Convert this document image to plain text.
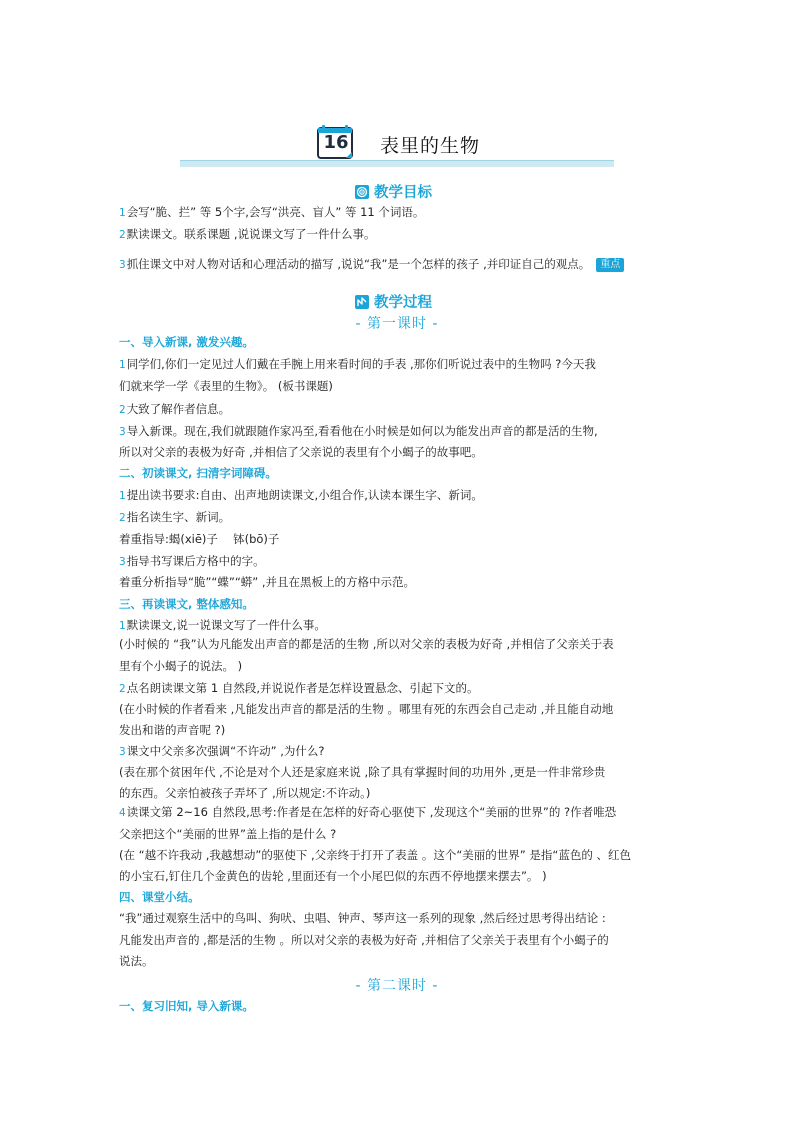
16	表里的生物
教学目标
1会写“脆、拦” 等 5个字,会写“洪亮、盲人” 等 11 个词语。
2默读课文。联系课题 ,说说课文写了一件什么事。
3抓住课文中对人物对话和心理活动的描写 ,说说“我”是一个怎样的孩子 ,并印证自己的观点。 重点
教学过程
- 第一课时 -
一、导入新课, 激发兴趣。
1同学们,你们一定见过人们戴在手腕上用来看时间的手表 ,那你们听说过表中的生物吗 ?今天我
们就来学一学《表里的生物》。 (板书课题)
2大致了解作者信息。
3导入新课。现在,我们就跟随作家冯至,看看他在小时候是如何以为能发出声音的都是活的生物,
所以对父亲的表极为好奇 ,并相信了父亲说的表里有个小蝎子的故事吧。
二、初读课文, 扫清字词障碍。
1提出读书要求:自由、出声地朗读课文,小组合作,认读本课生字、新词。
2指名读生字、新词。
着重指导:蝎(xiē)子　 钵(bō)子
3指导书写课后方格中的字。
着重分析指导“脆”“蝶”“蟒” ,并且在黑板上的方格中示范。
三、再读课文, 整体感知。
1默读课文,说一说课文写了一件什么事。
(小时候的 “我”认为凡能发出声音的都是活的生物 ,所以对父亲的表极为好奇 ,并相信了父亲关于表
里有个小蝎子的说法。 )
2点名朗读课文第 1 自然段,并说说作者是怎样设置悬念、引起下文的。
(在小时候的作者看来 ,凡能发出声音的都是活的生物 。哪里有死的东西会自己走动 ,并且能自动地
发出和谐的声音呢 ?)
3课文中父亲多次强调“不许动” ,为什么?
(表在那个贫困年代 ,不论是对个人还是家庭来说 ,除了具有掌握时间的功用外 ,更是一件非常珍贵
的东西。父亲怕被孩子弄坏了 ,所以规定:不许动。)
4读课文第 2~16 自然段,思考:作者是在怎样的好奇心驱使下 ,发现这个“美丽的世界”的 ?作者唯恐
父亲把这个“美丽的世界”盖上指的是什么 ?
(在 “越不许我动 ,我越想动”的驱使下 ,父亲终于打开了表盖 。这个“美丽的世界” 是指“蓝色的 、红色
的小宝石,钉住几个金黄色的齿轮 ,里面还有一个小尾巴似的东西不停地摆来摆去”。 )
四、课堂小结。
“我”通过观察生活中的鸟叫、狗吠、虫唱、钟声、琴声这一系列的现象 ,然后经过思考得出结论 :
凡能发出声音的 ,都是活的生物 。所以对父亲的表极为好奇 ,并相信了父亲关于表里有个小蝎子的
说法。
- 第二课时 -
一、复习旧知, 导入新课。
